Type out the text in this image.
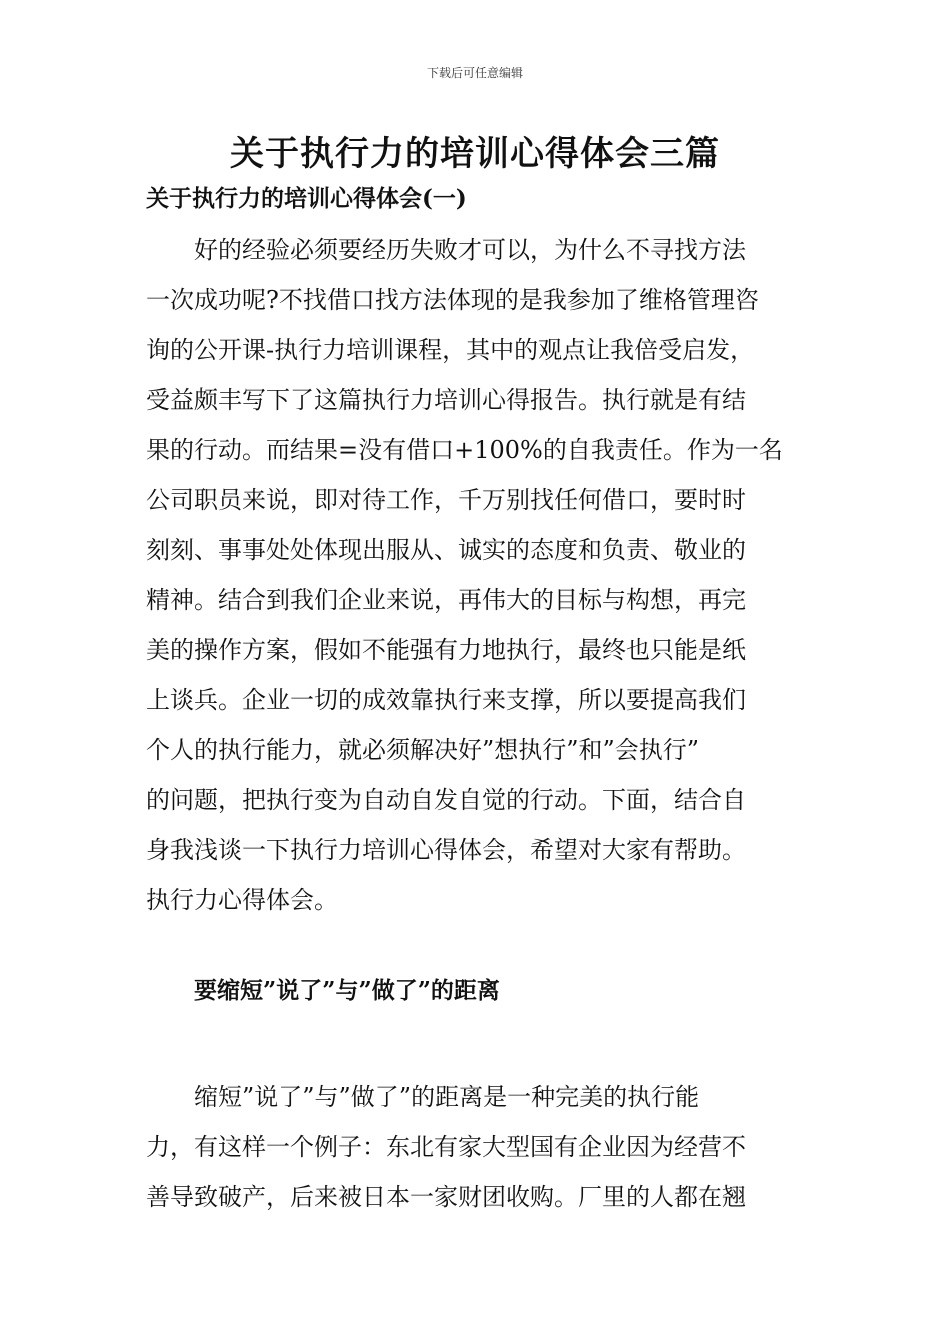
下载后可任意编辑
关于执行力的培训心得体会三篇
关于执行力的培训心得体会(一)
好的经验必须要经历失败才可以，为什么不寻找方法
一次成功呢?不找借口找方法体现的是我参加了维格管理咨
询的公开课-执行力培训课程，其中的观点让我倍受启发，
受益颇丰写下了这篇执行力培训心得报告。执行就是有结
果的行动。而结果=没有借口+100%的自我责任。作为一名
公司职员来说，即对待工作，千万别找任何借口，要时时
刻刻、事事处处体现出服从、诚实的态度和负责、敬业的
精神。结合到我们企业来说，再伟大的目标与构想，再完
美的操作方案，假如不能强有力地执行，最终也只能是纸
上谈兵。企业一切的成效靠执行来支撑，所以要提高我们
个人的执行能力，就必须解决好”想执行”和”会执行”
的问题，把执行变为自动自发自觉的行动。下面，结合自
身我浅谈一下执行力培训心得体会，希望对大家有帮助。
执行力心得体会。
要缩短”说了”与”做了”的距离
缩短”说了”与”做了”的距离是一种完美的执行能
力，有这样一个例子：东北有家大型国有企业因为经营不
善导致破产，后来被日本一家财团收购。厂里的人都在翘
